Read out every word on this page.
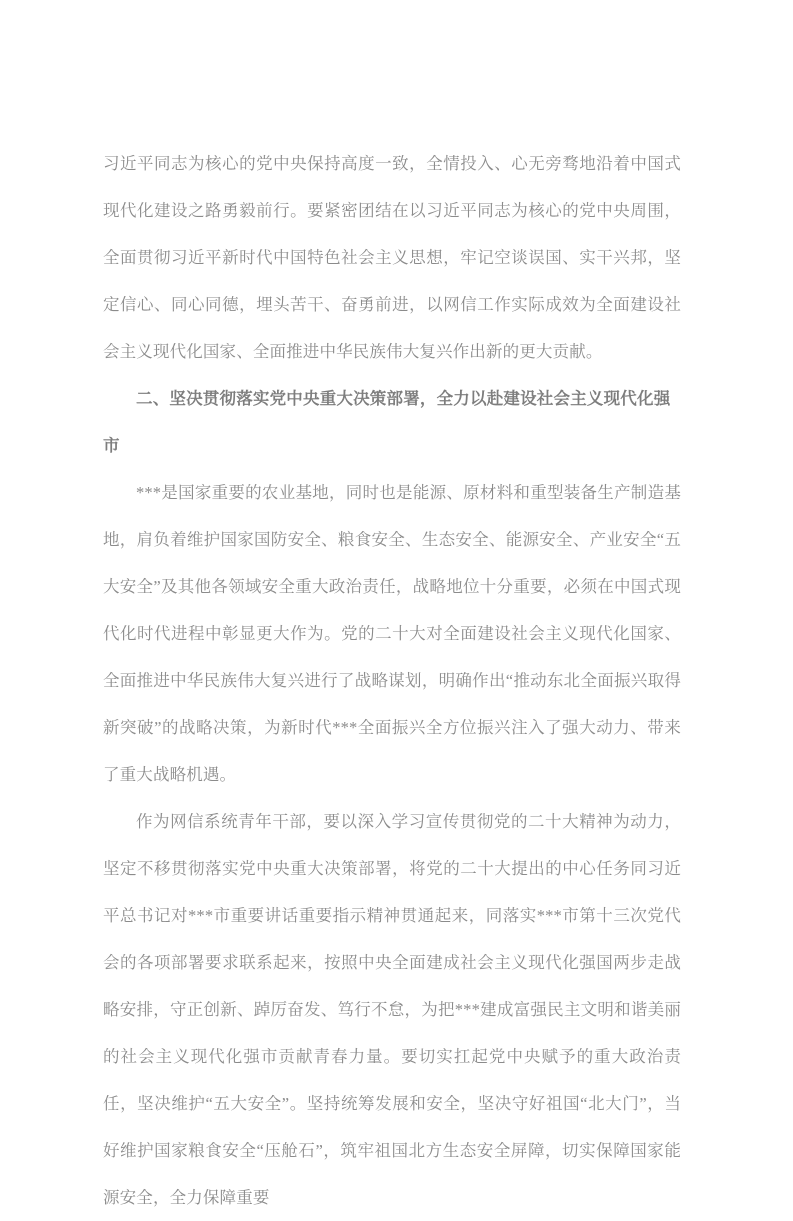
习近平同志为核心的党中央保持高度一致，全情投入、心无旁骛地沿着中国式现代化建设之路勇毅前行。要紧密团结在以习近平同志为核心的党中央周围，全面贯彻习近平新时代中国特色社会主义思想，牢记空谈误国、实干兴邦，坚定信心、同心同德，埋头苦干、奋勇前进，以网信工作实际成效为全面建设社会主义现代化国家、全面推进中华民族伟大复兴作出新的更大贡献。

二、坚决贯彻落实党中央重大决策部署，全力以赴建设社会主义现代化强市

***是国家重要的农业基地，同时也是能源、原材料和重型装备生产制造基地，肩负着维护国家国防安全、粮食安全、生态安全、能源安全、产业安全“五大安全”及其他各领域安全重大政治责任，战略地位十分重要，必须在中国式现代化时代进程中彰显更大作为。党的二十大对全面建设社会主义现代化国家、全面推进中华民族伟大复兴进行了战略谋划，明确作出“推动东北全面振兴取得新突破”的战略决策，为新时代***全面振兴全方位振兴注入了强大动力、带来了重大战略机遇。

作为网信系统青年干部，要以深入学习宣传贯彻党的二十大精神为动力，坚定不移贯彻落实党中央重大决策部署，将党的二十大提出的中心任务同习近平总书记对***市重要讲话重要指示精神贯通起来，同落实***市第十三次党代会的各项部署要求联系起来，按照中央全面建成社会主义现代化强国两步走战略安排，守正创新、踔厉奋发、笃行不怠，为把***建成富强民主文明和谐美丽的社会主义现代化强市贡献青春力量。要切实扛起党中央赋予的重大政治责任，坚决维护“五大安全”。坚持统筹发展和安全，坚决守好祖国“北大门”，当好维护国家粮食安全“压舱石”，筑牢祖国北方生态安全屏障，切实保障国家能源安全，全力保障重要
